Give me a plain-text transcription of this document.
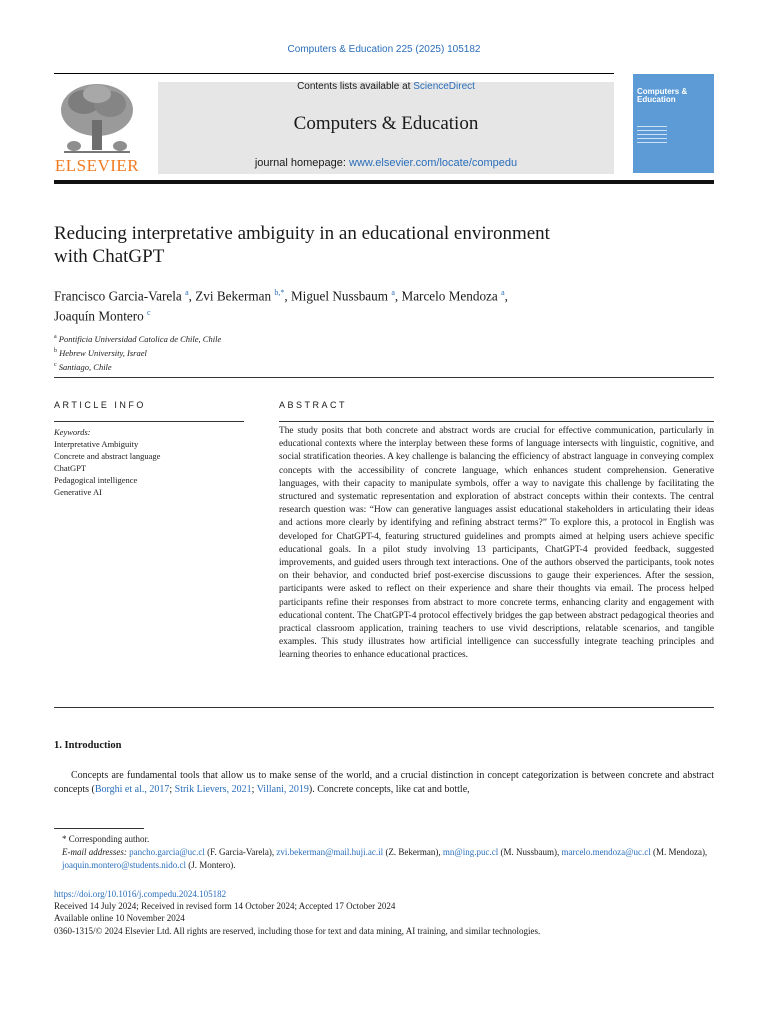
Computers & Education 225 (2025) 105182
ELSEVIER
Contents lists available at ScienceDirect
Computers & Education
journal homepage: www.elsevier.com/locate/compedu
Computers & Education
Reducing interpretative ambiguity in an educational environment
with ChatGPT
Francisco Garcia-Varela $^a$, Zvi Bekerman $^{b,*}$, Miguel Nussbaum $^a$, Marcelo Mendoza $^a$,
Joaquín Montero $^c$
$^a$ Pontificia Universidad Catolica de Chile, Chile
$^b$ Hebrew University, Israel
$^c$ Santiago, Chile
ARTICLE INFO	ABSTRACT
Keywords:
Interpretative Ambiguity
Concrete and abstract language
ChatGPT
Pedagogical intelligence
Generative AI
The study posits that both concrete and abstract words are crucial for effective communication, particularly in educational contexts where the interplay between these forms of language intersects with linguistic, cognitive, and social stratification theories. A key challenge is balancing the efficiency of abstract language in conveying complex concepts with the accessibility of concrete language, which enhances student comprehension. Generative languages, with their capacity to manipulate symbols, offer a way to navigate this challenge by facilitating the structured and systematic representation and exploration of abstract concepts within their contexts. The central research question was: “How can generative languages assist educational stakeholders in articulating their ideas and actions more clearly by identifying and refining abstract terms?” To explore this, a protocol in English was developed for ChatGPT-4, featuring structured guidelines and prompts aimed at helping users achieve specific educational goals. In a pilot study involving 13 participants, ChatGPT-4 provided feedback, suggested improvements, and guided users through text interactions. One of the authors observed the participants, took notes on their behavior, and conducted brief post-exercise discussions to gauge their experiences. After the session, participants were asked to reflect on their experience and share their thoughts via email. The process helped participants refine their responses from abstract to more concrete terms, enhancing clarity and engagement with educational content. The ChatGPT-4 protocol effectively bridges the gap between abstract pedagogical theories and practical classroom application, training teachers to use vivid descriptions, relatable scenarios, and tangible examples. This study illustrates how artificial intelligence can successfully integrate teaching principles and learning theories to enhance educational practices.
1. Introduction
Concepts are fundamental tools that allow us to make sense of the world, and a crucial distinction in concept categorization is between concrete and abstract concepts (Borghi et al., 2017; Strik Lievers, 2021; Villani, 2019). Concrete concepts, like cat and bottle,
* Corresponding author.
E-mail addresses: pancho.garcia@uc.cl (F. Garcia-Varela), zvi.bekerman@mail.huji.ac.il (Z. Bekerman), mn@ing.puc.cl (M. Nussbaum), marcelo.mendoza@uc.cl (M. Mendoza), joaquin.montero@students.nido.cl (J. Montero).
https://doi.org/10.1016/j.compedu.2024.105182
Received 14 July 2024; Received in revised form 14 October 2024; Accepted 17 October 2024
Available online 10 November 2024
0360-1315/© 2024 Elsevier Ltd. All rights are reserved, including those for text and data mining, AI training, and similar technologies.
